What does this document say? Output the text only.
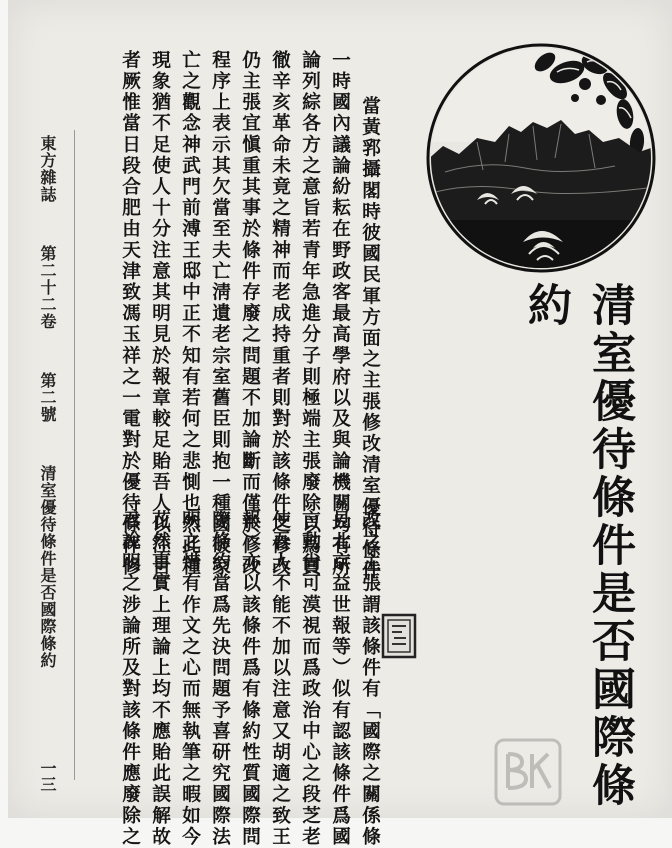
清室優待條件是否國際條約
當黃郛攝閣時彼國民軍方面之主張修改清室優待條件
一時國內議論紛耘在野政客最高學府以及與論機關均有所
論列綜各方之意旨若青年急進分子則極端主張廢除以爲貫
徹辛亥革命未竟之精神而老成持重者則對於該條件之修改
仍主張宜愼重其事於條件存廢之問題不加論斷而僅於修改
程序上表示其欠當至夫亡淸遺老宗室舊臣則抱一種國破家
亡之觀念神武門前溥王邸中正不知有若何之悲惻也然此種
現象猶不足使人十分注意其明見於報章較足貽吾人以注目
者厥惟當日段合肥由天津致馮玉祥之一電對於優待條件修
改之主張謂該條件有「國際之關係條
見北京益世報等）似有認該條件爲國
言動尙可漠視而爲政治中心之段芝老
使吾人不能不加以注意又胡適之致王
報）亦以該條件爲有條約性質國際問
際條約當爲先決問題予喜研究國際法
明之惜有作文之心而無執筆之暇如今
花然事實上理論上均不應貽此誤解故
君說明之涉論所及對該條件應廢除之
東方雜誌第二十二卷第二號清室優待條件是否國際條約
一三
